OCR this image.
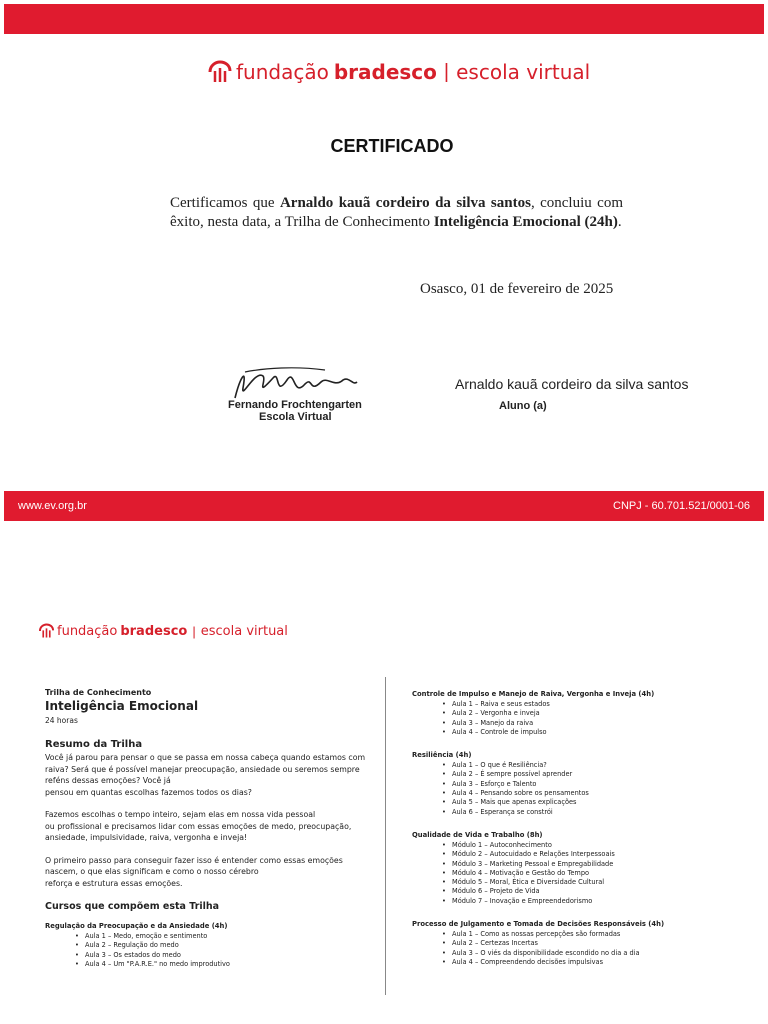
fundação bradesco | escola virtual
CERTIFICADO
Certificamos que Arnaldo kauã cordeiro da silva santos, concluiu com êxito, nesta data, a Trilha de Conhecimento Inteligência Emocional (24h).
Osasco, 01 de fevereiro de 2025
Fernando Frochtengarten
Escola Virtual
Arnaldo kauã cordeiro da silva santos
Aluno (a)
www.ev.org.br	CNPJ - 60.701.521/0001-06
fundação bradesco | escola virtual
Trilha de Conhecimento
Inteligência Emocional
24 horas
Resumo da Trilha
Você já parou para pensar o que se passa em nossa cabeça quando estamos com
raiva? Será que é possível manejar preocupação, ansiedade ou seremos sempre
reféns dessas emoções? Você já
pensou em quantas escolhas fazemos todos os dias?
Fazemos escolhas o tempo inteiro, sejam elas em nossa vida pessoal
ou profissional e precisamos lidar com essas emoções de medo, preocupação,
ansiedade, impulsividade, raiva, vergonha e inveja!
O primeiro passo para conseguir fazer isso é entender como essas emoções
nascem, o que elas significam e como o nosso cérebro
reforça e estrutura essas emoções.
Cursos que compõem esta Trilha
Regulação da Preocupação e da Ansiedade (4h)
• Aula 1 – Medo, emoção e sentimento
• Aula 2 – Regulação do medo
• Aula 3 – Os estados do medo
• Aula 4 – Um "P.A.R.E." no medo improdutivo
Controle de Impulso e Manejo de Raiva, Vergonha e Inveja (4h)
• Aula 1 – Raiva e seus estados
• Aula 2 – Vergonha e inveja
• Aula 3 – Manejo da raiva
• Aula 4 – Controle de impulso
Resiliência (4h)
• Aula 1 – O que é Resiliência?
• Aula 2 – É sempre possível aprender
• Aula 3 – Esforço e Talento
• Aula 4 – Pensando sobre os pensamentos
• Aula 5 – Mais que apenas explicações
• Aula 6 – Esperança se constrói
Qualidade de Vida e Trabalho (8h)
• Módulo 1 – Autoconhecimento
• Módulo 2 – Autocuidado e Relações Interpessoais
• Módulo 3 – Marketing Pessoal e Empregabilidade
• Módulo 4 – Motivação e Gestão do Tempo
• Módulo 5 – Moral, Ética e Diversidade Cultural
• Módulo 6 – Projeto de Vida
• Módulo 7 – Inovação e Empreendedorismo
Processo de Julgamento e Tomada de Decisões Responsáveis (4h)
• Aula 1 – Como as nossas percepções são formadas
• Aula 2 – Certezas Incertas
• Aula 3 – O viés da disponibilidade escondido no dia a dia
• Aula 4 – Compreendendo decisões impulsivas
